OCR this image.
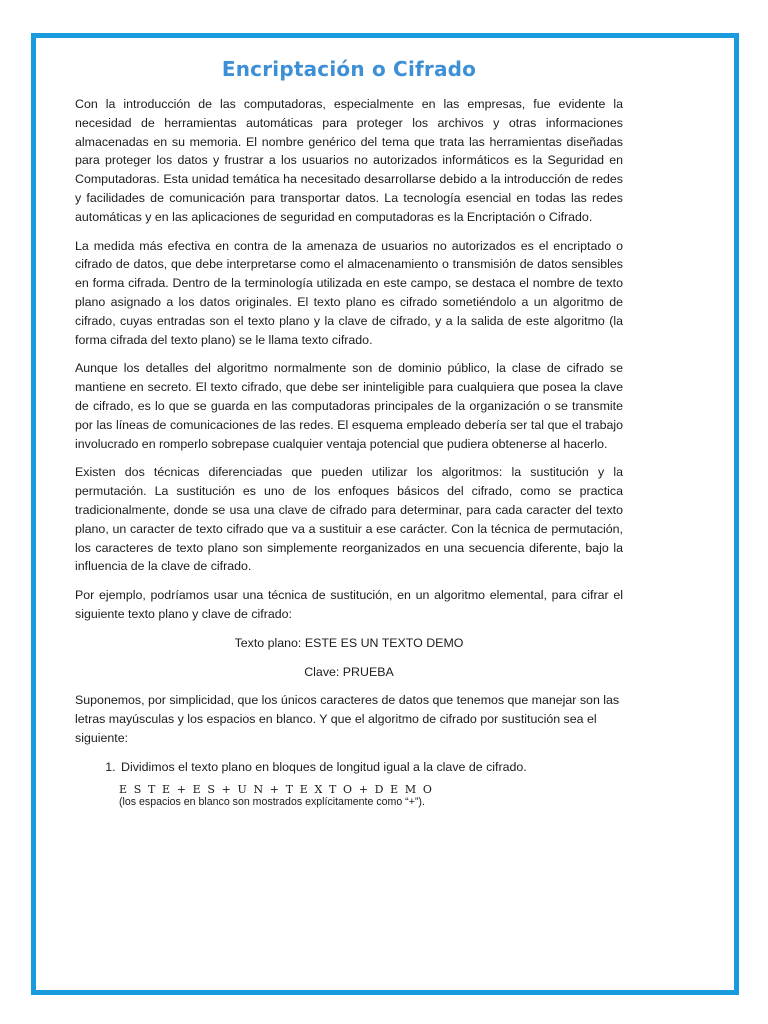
Encriptación o Cifrado

Con la introducción de las computadoras, especialmente en las empresas, fue evidente la necesidad de herramientas automáticas para proteger los archivos y otras informaciones almacenadas en su memoria. El nombre genérico del tema que trata las herramientas diseñadas para proteger los datos y frustrar a los usuarios no autorizados informáticos es la Seguridad en Computadoras. Esta unidad temática ha necesitado desarrollarse debido a la introducción de redes y facilidades de comunicación para transportar datos. La tecnología esencial en todas las redes automáticas y en las aplicaciones de seguridad en computadoras es la Encriptación o Cifrado.

La medida más efectiva en contra de la amenaza de usuarios no autorizados es el encriptado o cifrado de datos, que debe interpretarse como el almacenamiento o transmisión de datos sensibles en forma cifrada. Dentro de la terminología utilizada en este campo, se destaca el nombre de texto plano asignado a los datos originales. El texto plano es cifrado sometiéndolo a un algoritmo de cifrado, cuyas entradas son el texto plano y la clave de cifrado, y a la salida de este algoritmo (la forma cifrada del texto plano) se le llama texto cifrado.

Aunque los detalles del algoritmo normalmente son de dominio público, la clase de cifrado se mantiene en secreto. El texto cifrado, que debe ser ininteligible para cualquiera que posea la clave de cifrado, es lo que se guarda en las computadoras principales de la organización o se transmite por las líneas de comunicaciones de las redes. El esquema empleado debería ser tal que el trabajo involucrado en romperlo sobrepase cualquier ventaja potencial que pudiera obtenerse al hacerlo.

Existen dos técnicas diferenciadas que pueden utilizar los algoritmos: la sustitución y la permutación. La sustitución es uno de los enfoques básicos del cifrado, como se practica tradicionalmente, donde se usa una clave de cifrado para determinar, para cada caracter del texto plano, un caracter de texto cifrado que va a sustituir a ese carácter. Con la técnica de permutación, los caracteres de texto plano son simplemente reorganizados en una secuencia diferente, bajo la influencia de la clave de cifrado.

Por ejemplo, podríamos usar una técnica de sustitución, en un algoritmo elemental, para cifrar el siguiente texto plano y clave de cifrado:

Texto plano: ESTE ES UN TEXTO DEMO

Clave: PRUEBA

Suponemos, por simplicidad, que los únicos caracteres de datos que tenemos que manejar son las letras mayúsculas y los espacios en blanco. Y que el algoritmo de cifrado por sustitución sea el siguiente:

1. Dividimos el texto plano en bloques de longitud igual a la clave de cifrado.
E S T E + E S + U N + T E X T O + D E M O
(los espacios en blanco son mostrados explícitamente como “+”).
